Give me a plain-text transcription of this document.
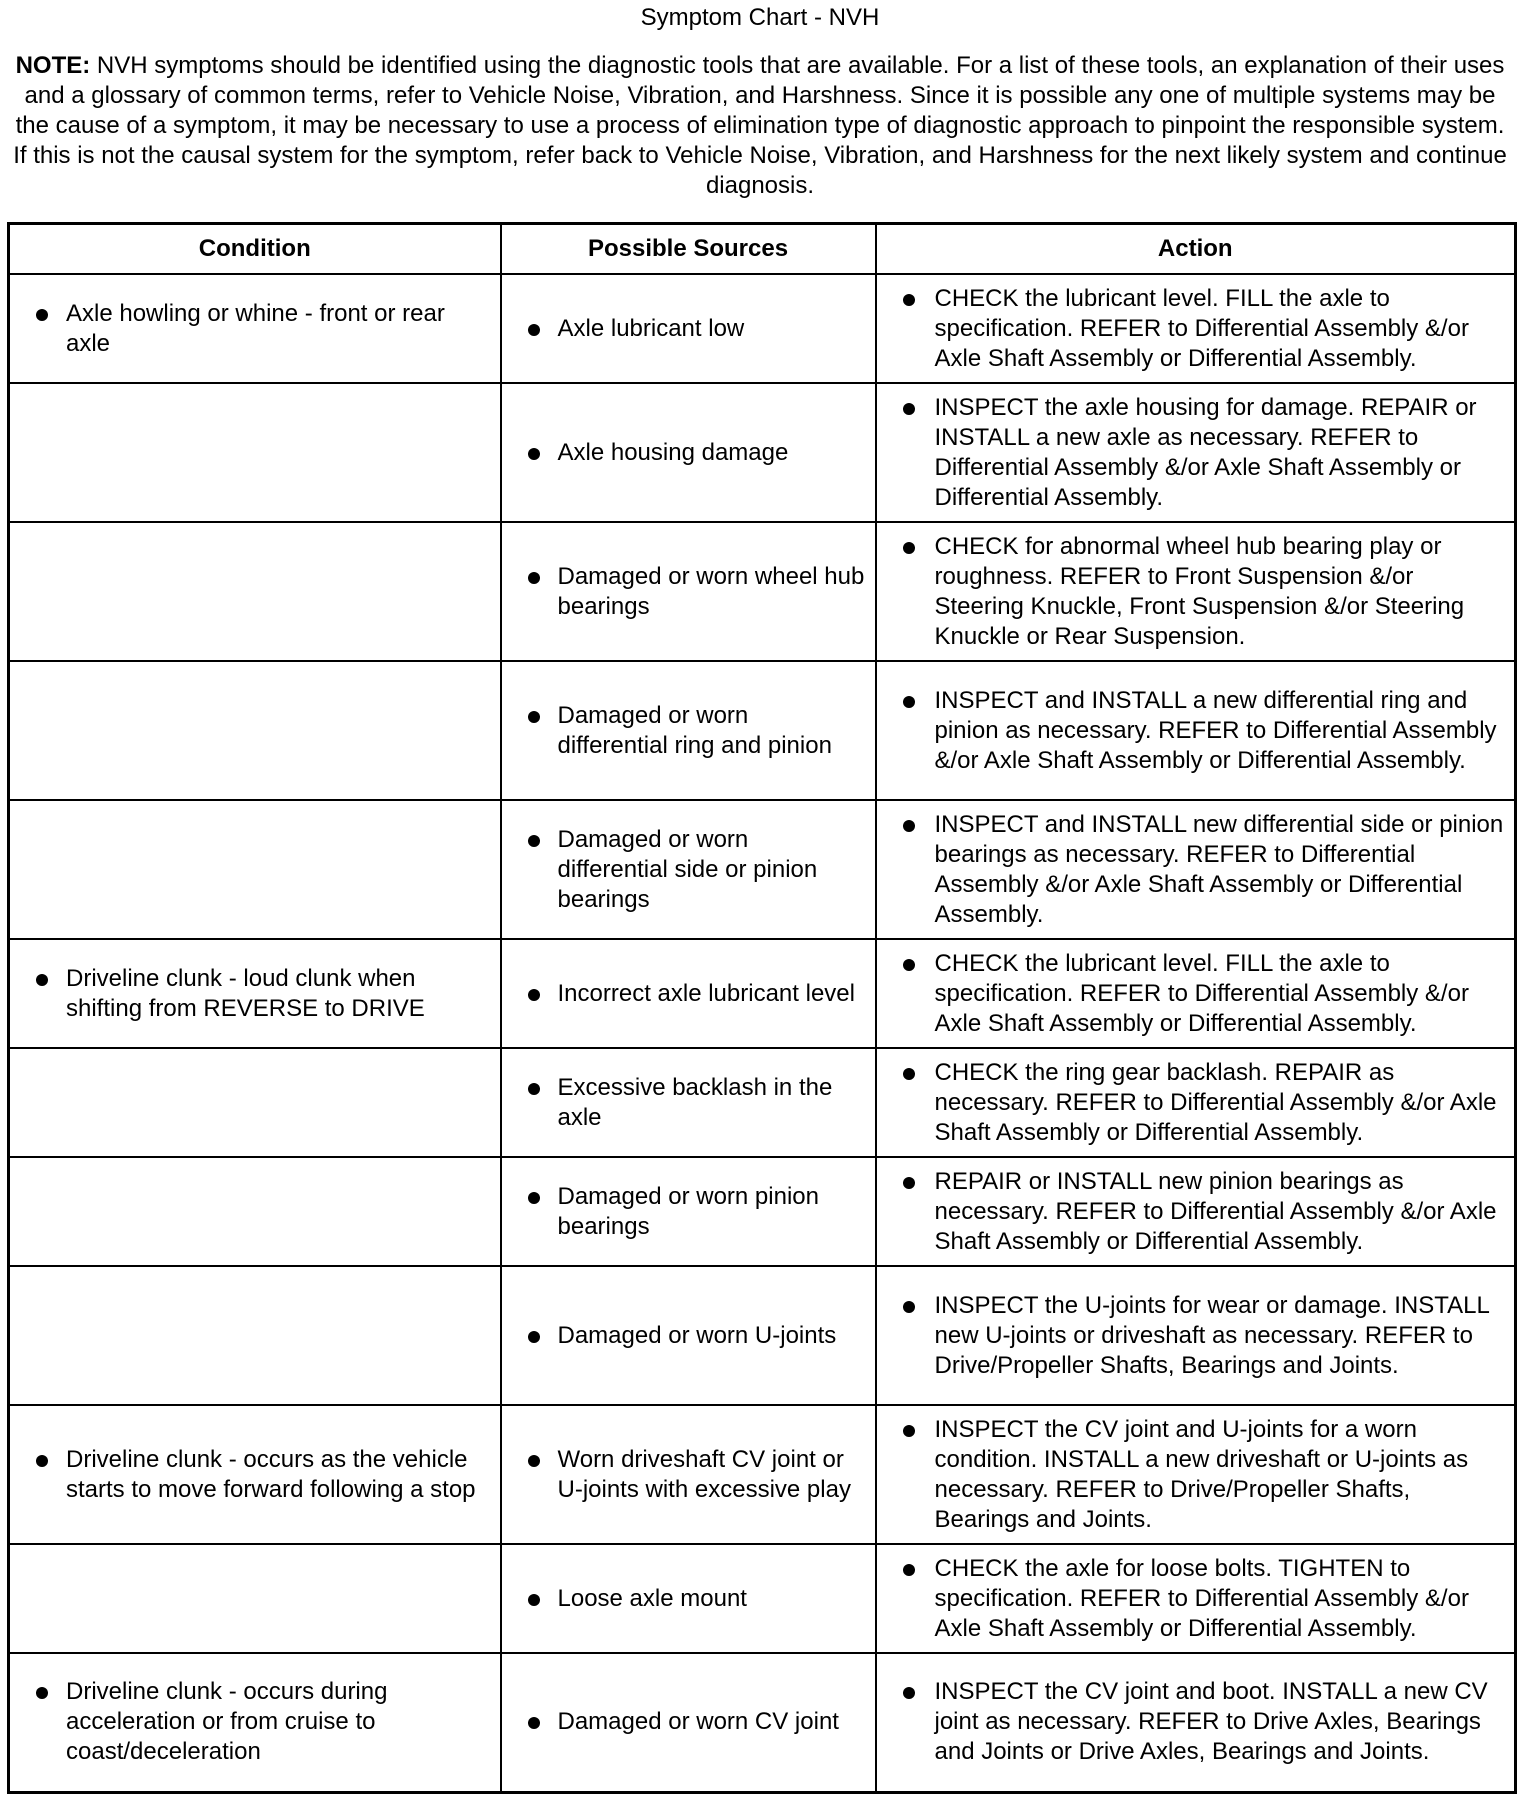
Symptom Chart - NVH
NOTE: NVH symptoms should be identified using the diagnostic tools that are available. For a list of these tools, an explanation of their uses and a glossary of common terms, refer to Vehicle Noise, Vibration, and Harshness. Since it is possible any one of multiple systems may be the cause of a symptom, it may be necessary to use a process of elimination type of diagnostic approach to pinpoint the responsible system. If this is not the causal system for the symptom, refer back to Vehicle Noise, Vibration, and Harshness for the next likely system and continue diagnosis.
Condition	Possible Sources	Action

Axle howling or whine - front or rear axle	Axle lubricant low	CHECK the lubricant level. FILL the axle to specification. REFER to Differential Assembly &/or Axle Shaft Assembly or Differential Assembly.

	Axle housing damage	INSPECT the axle housing for damage. REPAIR or INSTALL a new axle as necessary. REFER to Differential Assembly &/or Axle Shaft Assembly or Differential Assembly.

	Damaged or worn wheel hub bearings	CHECK for abnormal wheel hub bearing play or roughness. REFER to Front Suspension &/or Steering Knuckle, Front Suspension &/or Steering Knuckle or Rear Suspension.

	Damaged or worn differential ring and pinion	INSPECT and INSTALL a new differential ring and pinion as necessary. REFER to Differential Assembly &/or Axle Shaft Assembly or Differential Assembly.

	Damaged or worn differential side or pinion bearings	INSPECT and INSTALL new differential side or pinion bearings as necessary. REFER to Differential Assembly &/or Axle Shaft Assembly or Differential Assembly.

Driveline clunk - loud clunk when shifting from REVERSE to DRIVE	Incorrect axle lubricant level	CHECK the lubricant level. FILL the axle to specification. REFER to Differential Assembly &/or Axle Shaft Assembly or Differential Assembly.

	Excessive backlash in the axle	CHECK the ring gear backlash. REPAIR as necessary. REFER to Differential Assembly &/or Axle Shaft Assembly or Differential Assembly.

	Damaged or worn pinion bearings	REPAIR or INSTALL new pinion bearings as necessary. REFER to Differential Assembly &/or Axle Shaft Assembly or Differential Assembly.

	Damaged or worn U-joints	INSPECT the U-joints for wear or damage. INSTALL new U-joints or driveshaft as necessary. REFER to Drive/Propeller Shafts, Bearings and Joints.

Driveline clunk - occurs as the vehicle starts to move forward following a stop	Worn driveshaft CV joint or U-joints with excessive play	INSPECT the CV joint and U-joints for a worn condition. INSTALL a new driveshaft or U-joints as necessary. REFER to Drive/Propeller Shafts, Bearings and Joints.

	Loose axle mount	CHECK the axle for loose bolts. TIGHTEN to specification. REFER to Differential Assembly &/or Axle Shaft Assembly or Differential Assembly.

Driveline clunk - occurs during acceleration or from cruise to coast/deceleration	Damaged or worn CV joint	INSPECT the CV joint and boot. INSTALL a new CV joint as necessary. REFER to Drive Axles, Bearings and Joints or Drive Axles, Bearings and Joints.
